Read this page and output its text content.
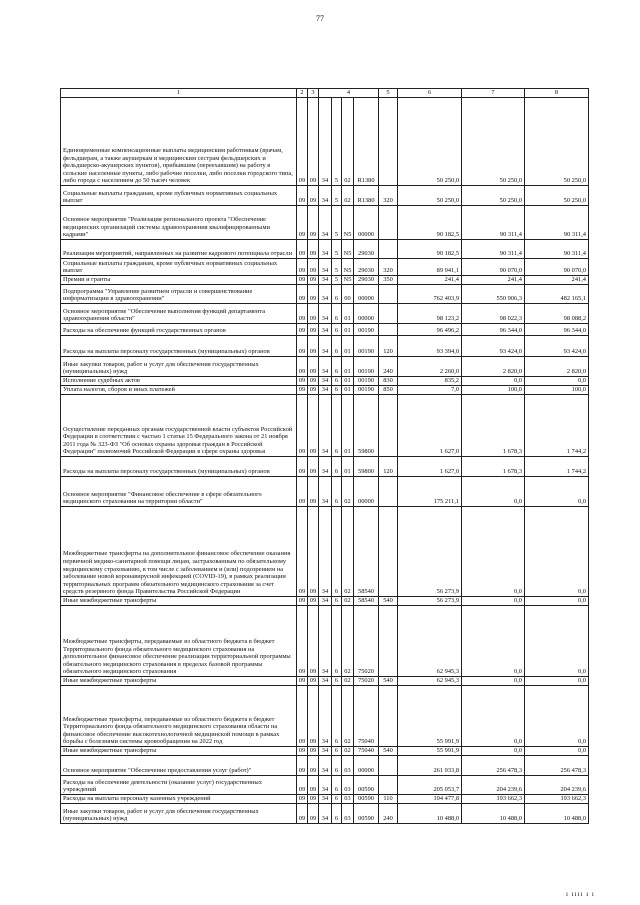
77
1	2	3	4				5	6	7	8
Единовременные компенсационные выплаты медицинским работникам (врачам, фельдшерам, а также акушеркам и медицинским сестрам фельдшерских и фельдшерско-акушерских пунктов), прибывшим (переехавшим) на работу в сельские населенные пункты, либо рабочие поселки, либо поселки городского типа, либо города с населением до 50 тысяч человек	09	09	34	5	02	R1380		50 250,0	50 250,0	50 250,0
Социальные выплаты гражданам, кроме публичных нормативных социальных выплат	09	09	34	5	02	R1380	320	50 250,0	50 250,0	50 250,0
Основное мероприятие "Реализация регионального проекта "Обеспечение медицинских организаций системы здравоохранения квалифицированными кадрами"	09	09	34	5	N5	00000		90 182,5	90 311,4	90 311,4
Реализация мероприятий, направленных на развитие кадрового потенциала отрасли	09	09	34	5	N5	29030		90 182,5	90 311,4	90 311,4
Социальные выплаты гражданам, кроме публичных нормативных социальных выплат	09	09	34	5	N5	29030	320	89 941,1	90 070,0	90 070,0
Премии и гранты	09	09	34	5	N5	29030	350	241,4	241,4	241,4
Подпрограмма "Управление развитием отрасли и совершенствование информатизации в здравоохранении"	09	09	34	6	00	00000		762 403,9	550 906,3	482 165,1
Основное мероприятие "Обеспечение выполнения функций департамента здравоохранения области"	09	09	34	6	01	00000		98 123,2	98 022,3	98 088,2
Расходы на обеспечение функций государственных органов	09	09	34	6	01	00190		96 496,2	96 344,0	96 344,0
Расходы на выплаты персоналу государственных (муниципальных) органов	09	09	34	6	01	00190	120	93 394,0	93 424,0	93 424,0
Иные закупки товаров, работ и услуг для обеспечения государственных (муниципальных) нужд	09	09	34	6	01	00190	240	2 260,0	2 820,0	2 820,0
Исполнение судебных актов	09	09	34	6	01	00190	830	835,2	0,0	0,0
Уплата налогов, сборов и иных платежей	09	09	34	6	01	00190	850	7,0	100,0	100,0
Осуществление переданных органам государственной власти субъектов Российской Федерации в соответствии с частью 1 статьи 15 Федерального закона от 21 ноября 2011 года № 323-ФЗ "Об основах охраны здоровья граждан в Российской Федерации" полномочий Российской Федерации в сфере охраны здоровья	09	09	34	6	01	59800		1 627,0	1 678,3	1 744,2
Расходы на выплаты персоналу государственных (муниципальных) органов	09	09	34	6	01	59800	120	1 627,0	1 678,3	1 744,2
Основное мероприятие "Финансовое обеспечение в сфере обязательного медицинского страхования на территории области"	09	09	34	6	02	00000		175 211,1	0,0	0,0
Межбюджетные трансферты на дополнительное финансовое обеспечение оказания первичной медико-санитарной помощи лицам, застрахованным по обязательному медицинскому страхованию, в том числе с заболеванием и (или) подозрением на заболевание новой коронавирусной инфекцией (COVID-19), в рамках реализации территориальных программ обязательного медицинского страхования за счет средств резервного фонда Правительства Российской Федерации	09	09	34	6	02	58540		56 273,9	0,0	0,0
Иные межбюджетные трансферты	09	09	34	6	02	58540	540	56 273,9	0,0	0,0
Межбюджетные трансферты, передаваемые из областного бюджета в бюджет Территориального фонда обязательного медицинского страхования на дополнительное финансовое обеспечение реализации территориальной программы обязательного медицинского страхования в пределах базовой программы обязательного медицинского страхования	09	09	34	6	02	75020		62 945,3	0,0	0,0
Иные межбюджетные трансферты	09	09	34	6	02	75020	540	62 945,3	0,0	0,0
Межбюджетные трансферты, передаваемые из областного бюджета в бюджет Территориального фонда обязательного медицинского страхования области на финансовое обеспечение высокотехнологичной медицинской помощи в рамках борьбы с болезнями системы кровообращения на 2022 год	09	09	34	6	02	75040		55 991,9	0,0	0,0
Иные межбюджетные трансферты	09	09	34	6	02	75040	540	55 991,9	0,0	0,0
Основное мероприятие "Обеспечение предоставления услуг (работ)"	09	09	34	6	03	00000		261 933,8	256 478,3	256 478,3
Расходы на обеспечение деятельности (оказание услуг) государственных учреждений	09	09	34	6	03	00590		205 053,7	204 239,6	204 239,6
Расходы на выплаты персоналу казенных учреждений	09	09	34	6	03	00590	110	194 477,8	193 662,3	193 662,3
Иные закупки товаров, работ и услуг для обеспечения государственных (муниципальных) нужд	09	09	34	6	03	00590	240	10 488,0	10 488,0	10 488,0
ı ıııı ı ı
